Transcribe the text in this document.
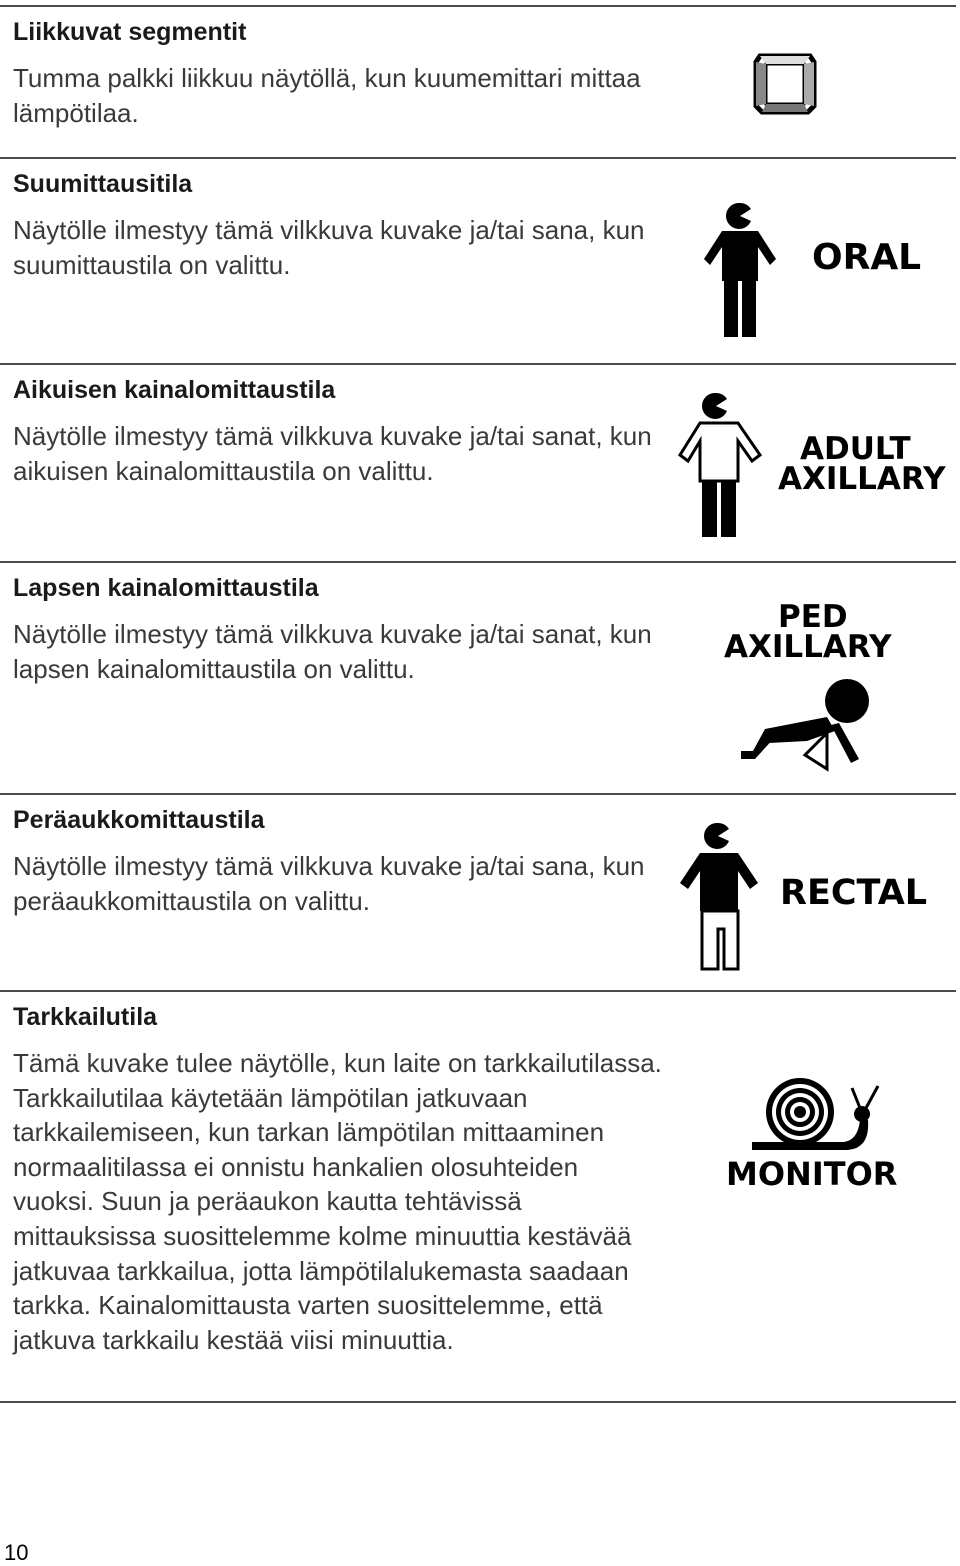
Liikkuvat segmentit

Tumma palkki liikkuu näytöllä, kun kuumemittari mittaa lämpötilaa.

Suumittausitila

Näytölle ilmestyy tämä vilkkuva kuvake ja/tai sana, kun suumittaustila on valittu.	ORAL
Aikuisen kainalomittaustila

Näytölle ilmestyy tämä vilkkuva kuvake ja/tai sanat, kun aikuisen kainalomittaustila on valittu.

ADULT
AXILLARY
Lapsen kainalomittaustila

Näytölle ilmestyy tämä vilkkuva kuvake ja/tai sanat, kun lapsen kainalomittaustila on valittu.

PED
AXILLARY
Peräaukkomittaustila

Näytölle ilmestyy tämä vilkkuva kuvake ja/tai sana, kun peräaukkomittaustila on valittu.	RECTAL
Tarkkailutila

Tämä kuvake tulee näytölle, kun laite on tarkkailutilassa. Tarkkailutilaa käytetään lämpötilan jatkuvaan tarkkailemiseen, kun tarkan lämpötilan mittaaminen normaalitilassa ei onnistu hankalien olosuhteiden vuoksi. Suun ja peräaukon kautta tehtävissä mittauksissa suosittelemme kolme minuuttia kestävää jatkuvaa tarkkailua, jotta lämpötilalukemasta saadaan tarkka. Kainalomittausta varten suosittelemme, että jatkuva tarkkailu kestää viisi minuuttia.

MONITOR
10
